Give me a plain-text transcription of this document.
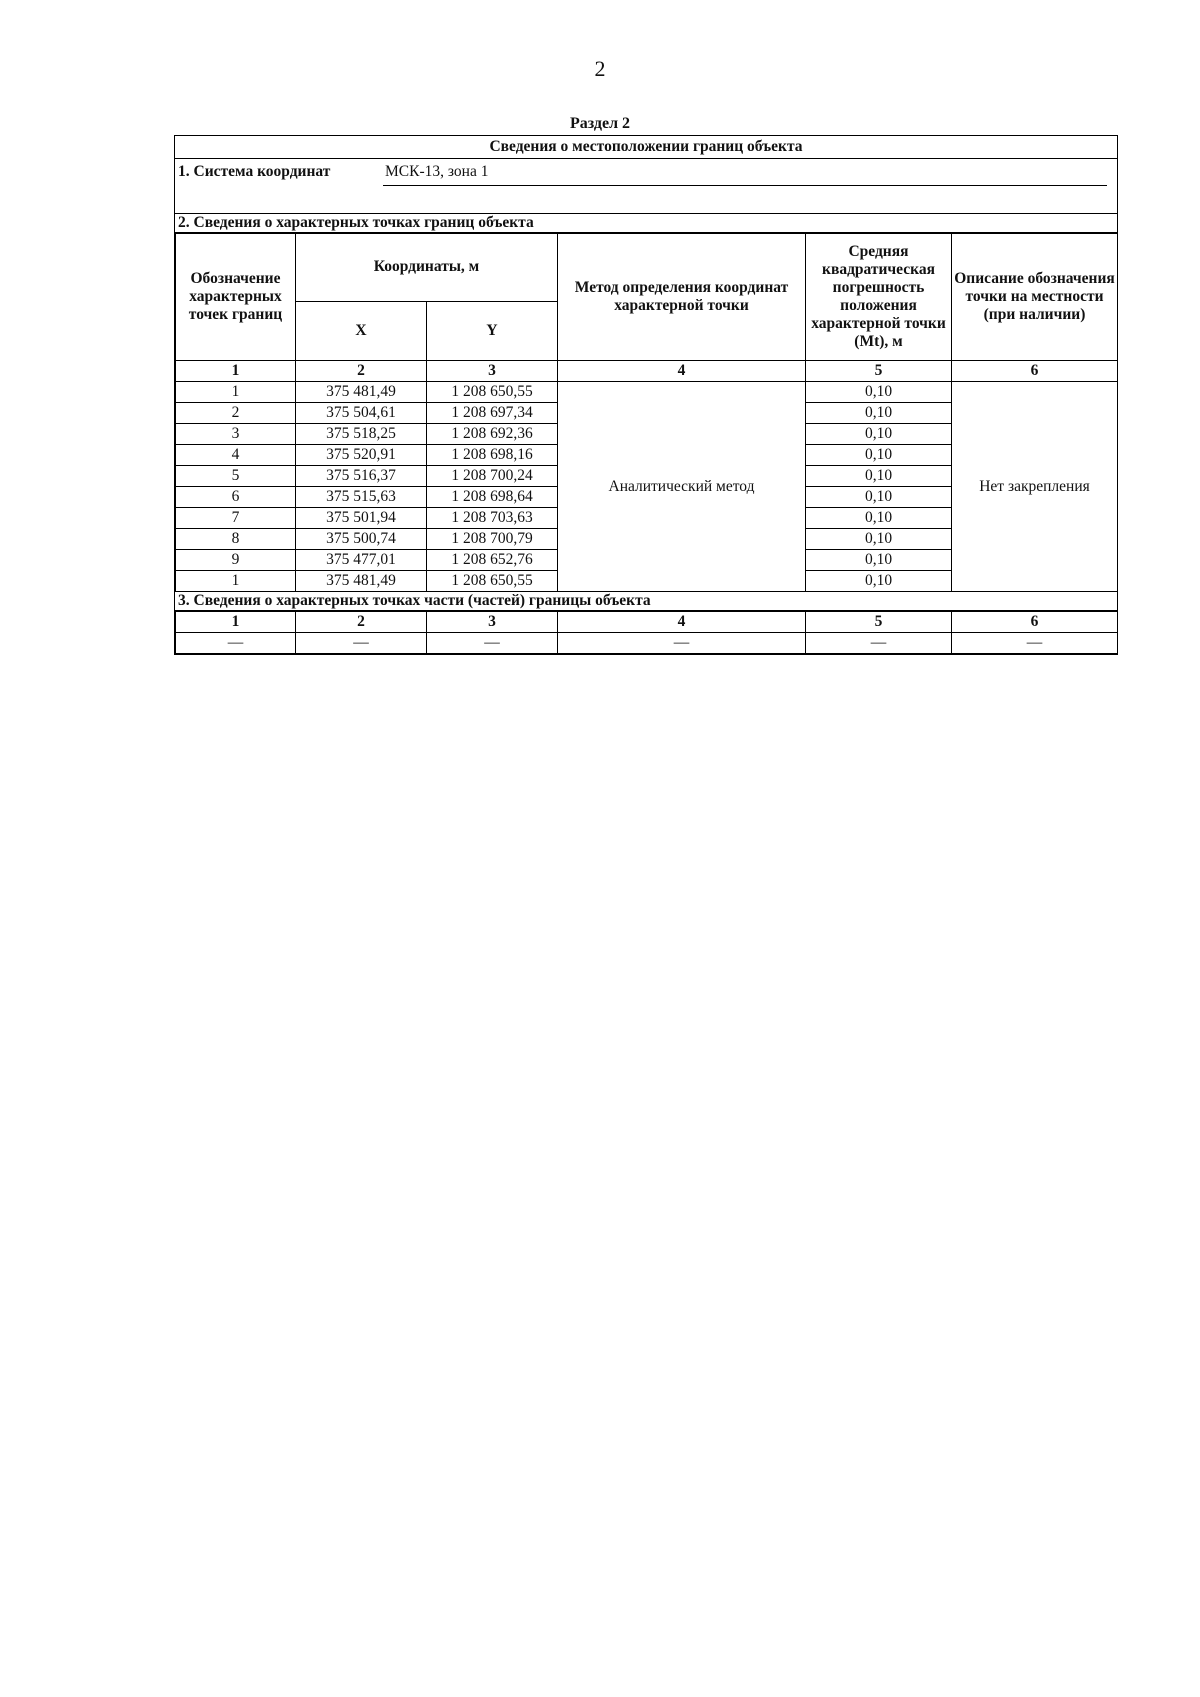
2
Раздел 2
Сведения о местоположении границ объекта
1. Система координат	МСК-13, зона 1
2. Сведения о характерных точках границ объекта
Обозначение характерных точек границ	Координаты, м		Метод определения координат характерной точки	Средняя квадратическая погрешность положения характерной точки (Mt), м	Описание обозначения точки на местности (при наличии)
	X	Y			
1	2	3	4	5	6
1	375 481,49	1 208 650,55	Аналитический метод	0,10	Нет закрепления
2	375 504,61	1 208 697,34		0,10	
3	375 518,25	1 208 692,36		0,10	
4	375 520,91	1 208 698,16		0,10	
5	375 516,37	1 208 700,24		0,10	
6	375 515,63	1 208 698,64		0,10	
7	375 501,94	1 208 703,63		0,10	
8	375 500,74	1 208 700,79		0,10	
9	375 477,01	1 208 652,76		0,10	
1	375 481,49	1 208 650,55		0,10	
3. Сведения о характерных точках части (частей) границы объекта
1	2	3	4	5	6
—	—	—	—	—	—
